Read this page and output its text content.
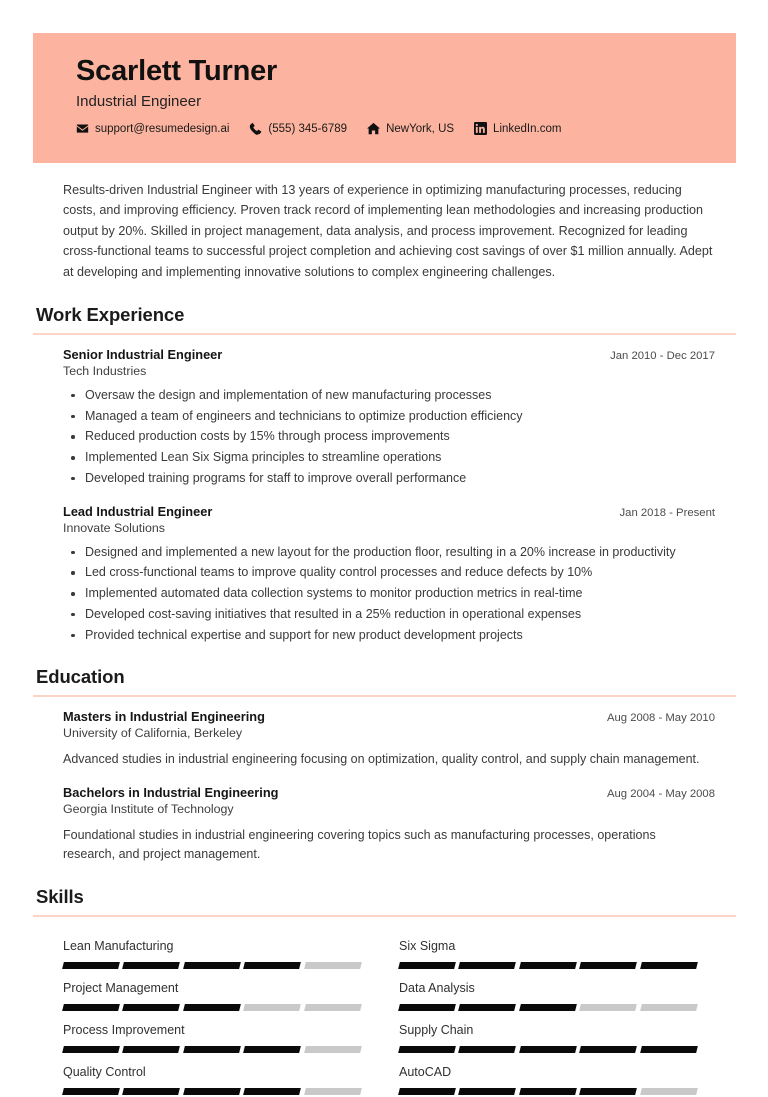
Scarlett Turner
Industrial Engineer
support@resumedesign.ai	(555) 345-6789	NewYork, US	LinkedIn.com

Results-driven Industrial Engineer with 13 years of experience in optimizing manufacturing processes, reducing costs, and improving efficiency. Proven track record of implementing lean methodologies and increasing production output by 20%. Skilled in project management, data analysis, and process improvement. Recognized for leading cross-functional teams to successful project completion and achieving cost savings of over $1 million annually. Adept at developing and implementing innovative solutions to complex engineering challenges.

Work Experience
Senior Industrial Engineer	Jan 2010 - Dec 2017
Tech Industries
Oversaw the design and implementation of new manufacturing processes
Managed a team of engineers and technicians to optimize production efficiency
Reduced production costs by 15% through process improvements
Implemented Lean Six Sigma principles to streamline operations
Developed training programs for staff to improve overall performance
Lead Industrial Engineer	Jan 2018 - Present
Innovate Solutions
Designed and implemented a new layout for the production floor, resulting in a 20% increase in productivity
Led cross-functional teams to improve quality control processes and reduce defects by 10%
Implemented automated data collection systems to monitor production metrics in real-time
Developed cost-saving initiatives that resulted in a 25% reduction in operational expenses
Provided technical expertise and support for new product development projects
Education
Masters in Industrial Engineering	Aug 2008 - May 2010
University of California, Berkeley
Advanced studies in industrial engineering focusing on optimization, quality control, and supply chain management.
Bachelors in Industrial Engineering	Aug 2004 - May 2008
Georgia Institute of Technology
Foundational studies in industrial engineering covering topics such as manufacturing processes, operations research, and project management.
Skills
Lean Manufacturing	Six Sigma
Project Management	Data Analysis
Process Improvement	Supply Chain
Quality Control	AutoCAD
